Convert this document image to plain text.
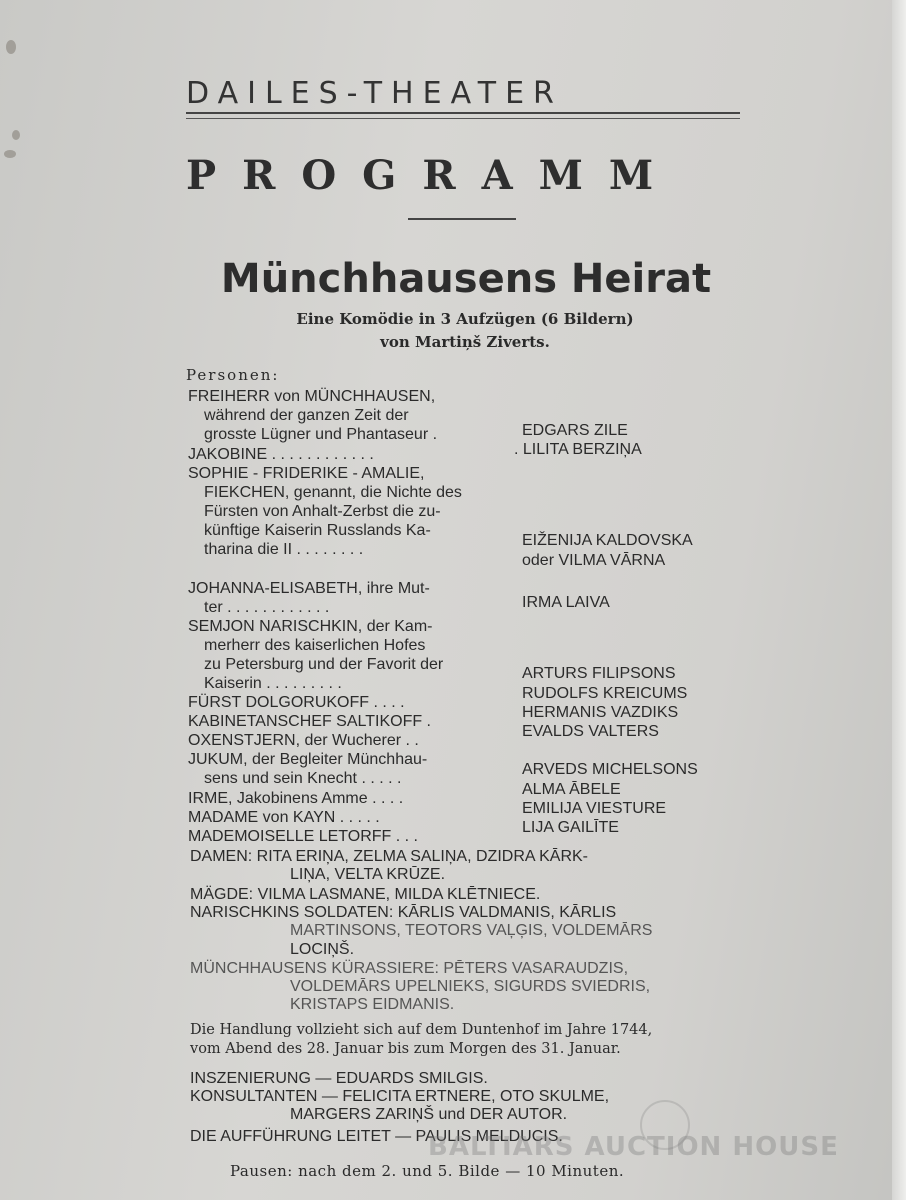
DAILES-THEATER
PROGRAMM
Münchhausens Heirat
Eine Komödie in 3 Aufzügen (6 Bildern)
von Martiņš Ziverts.
Personen:
FREIHERR von MÜNCHHAUSEN,
während der ganzen Zeit der
grosste Lügner und Phantaseur .
JAKOBINE . . . . . . . . . . . .
SOPHIE - FRIDERIKE - AMALIE,
FIEKCHEN, genannt, die Nichte des
Fürsten von Anhalt-Zerbst die zu-
künftige Kaiserin Russlands Ka-
tharina die II . . . . . . . .
JOHANNA-ELISABETH, ihre Mut-
ter . . . . . . . . . . . .
SEMJON NARISCHKIN, der Kam-
merherr des kaiserlichen Hofes
zu Petersburg und der Favorit der
Kaiserin . . . . . . . . .
FÜRST DOLGORUKOFF . . . .
KABINETANSCHEF SALTIKOFF .
OXENSTJERN, der Wucherer . .
JUKUM, der Begleiter Münchhau-
sens und sein Knecht . . . . .
IRME, Jakobinens Amme . . . .
MADAME von KAYN . . . . .
MADEMOISELLE LETORFF . . .
EDGARS ZILE
. LILITA BERZIŅA
EIŽENIJA KALDOVSKA
oder VILMA VĀRNA
IRMA LAIVA
ARTURS FILIPSONS
RUDOLFS KREICUMS
HERMANIS VAZDIKS
EVALDS VALTERS
ARVEDS MICHELSONS
ALMA ĀBELE
EMILIJA VIESTURE
LIJA GAILĪTE
DAMEN: RITA ERIŅA, ZELMA SALIŅA, DZIDRA KĀRK-
LIŅA, VELTA KRŪZE.
MÄGDE: VILMA LASMANE, MILDA KLĒTNIECE.
NARISCHKINS SOLDATEN: KĀRLIS VALDMANIS, KĀRLIS
MARTINSONS, TEOTORS VAĻĢIS, VOLDEMĀRS
LOCIŅŠ.
MÜNCHHAUSENS KÜRASSIERE: PĒTERS VASARAUDZIS,
VOLDEMĀRS UPELNIEKS, SIGURDS SVIEDRIS,
KRISTAPS EIDMANIS.
Die Handlung vollzieht sich auf dem Duntenhof im Jahre 1744,
vom Abend des 28. Januar bis zum Morgen des 31. Januar.
INSZENIERUNG — EDUARDS SMILGIS.
KONSULTANTEN — FELICITA ERTNERE, OTO SKULME,
MARGERS ZARIŅŠ und DER AUTOR.
DIE AUFFÜHRUNG LEITET — PAULIS MELDUCIS.
BALTIARS AUCTION HOUSE
Pausen: nach dem 2. und 5. Bilde — 10 Minuten.
